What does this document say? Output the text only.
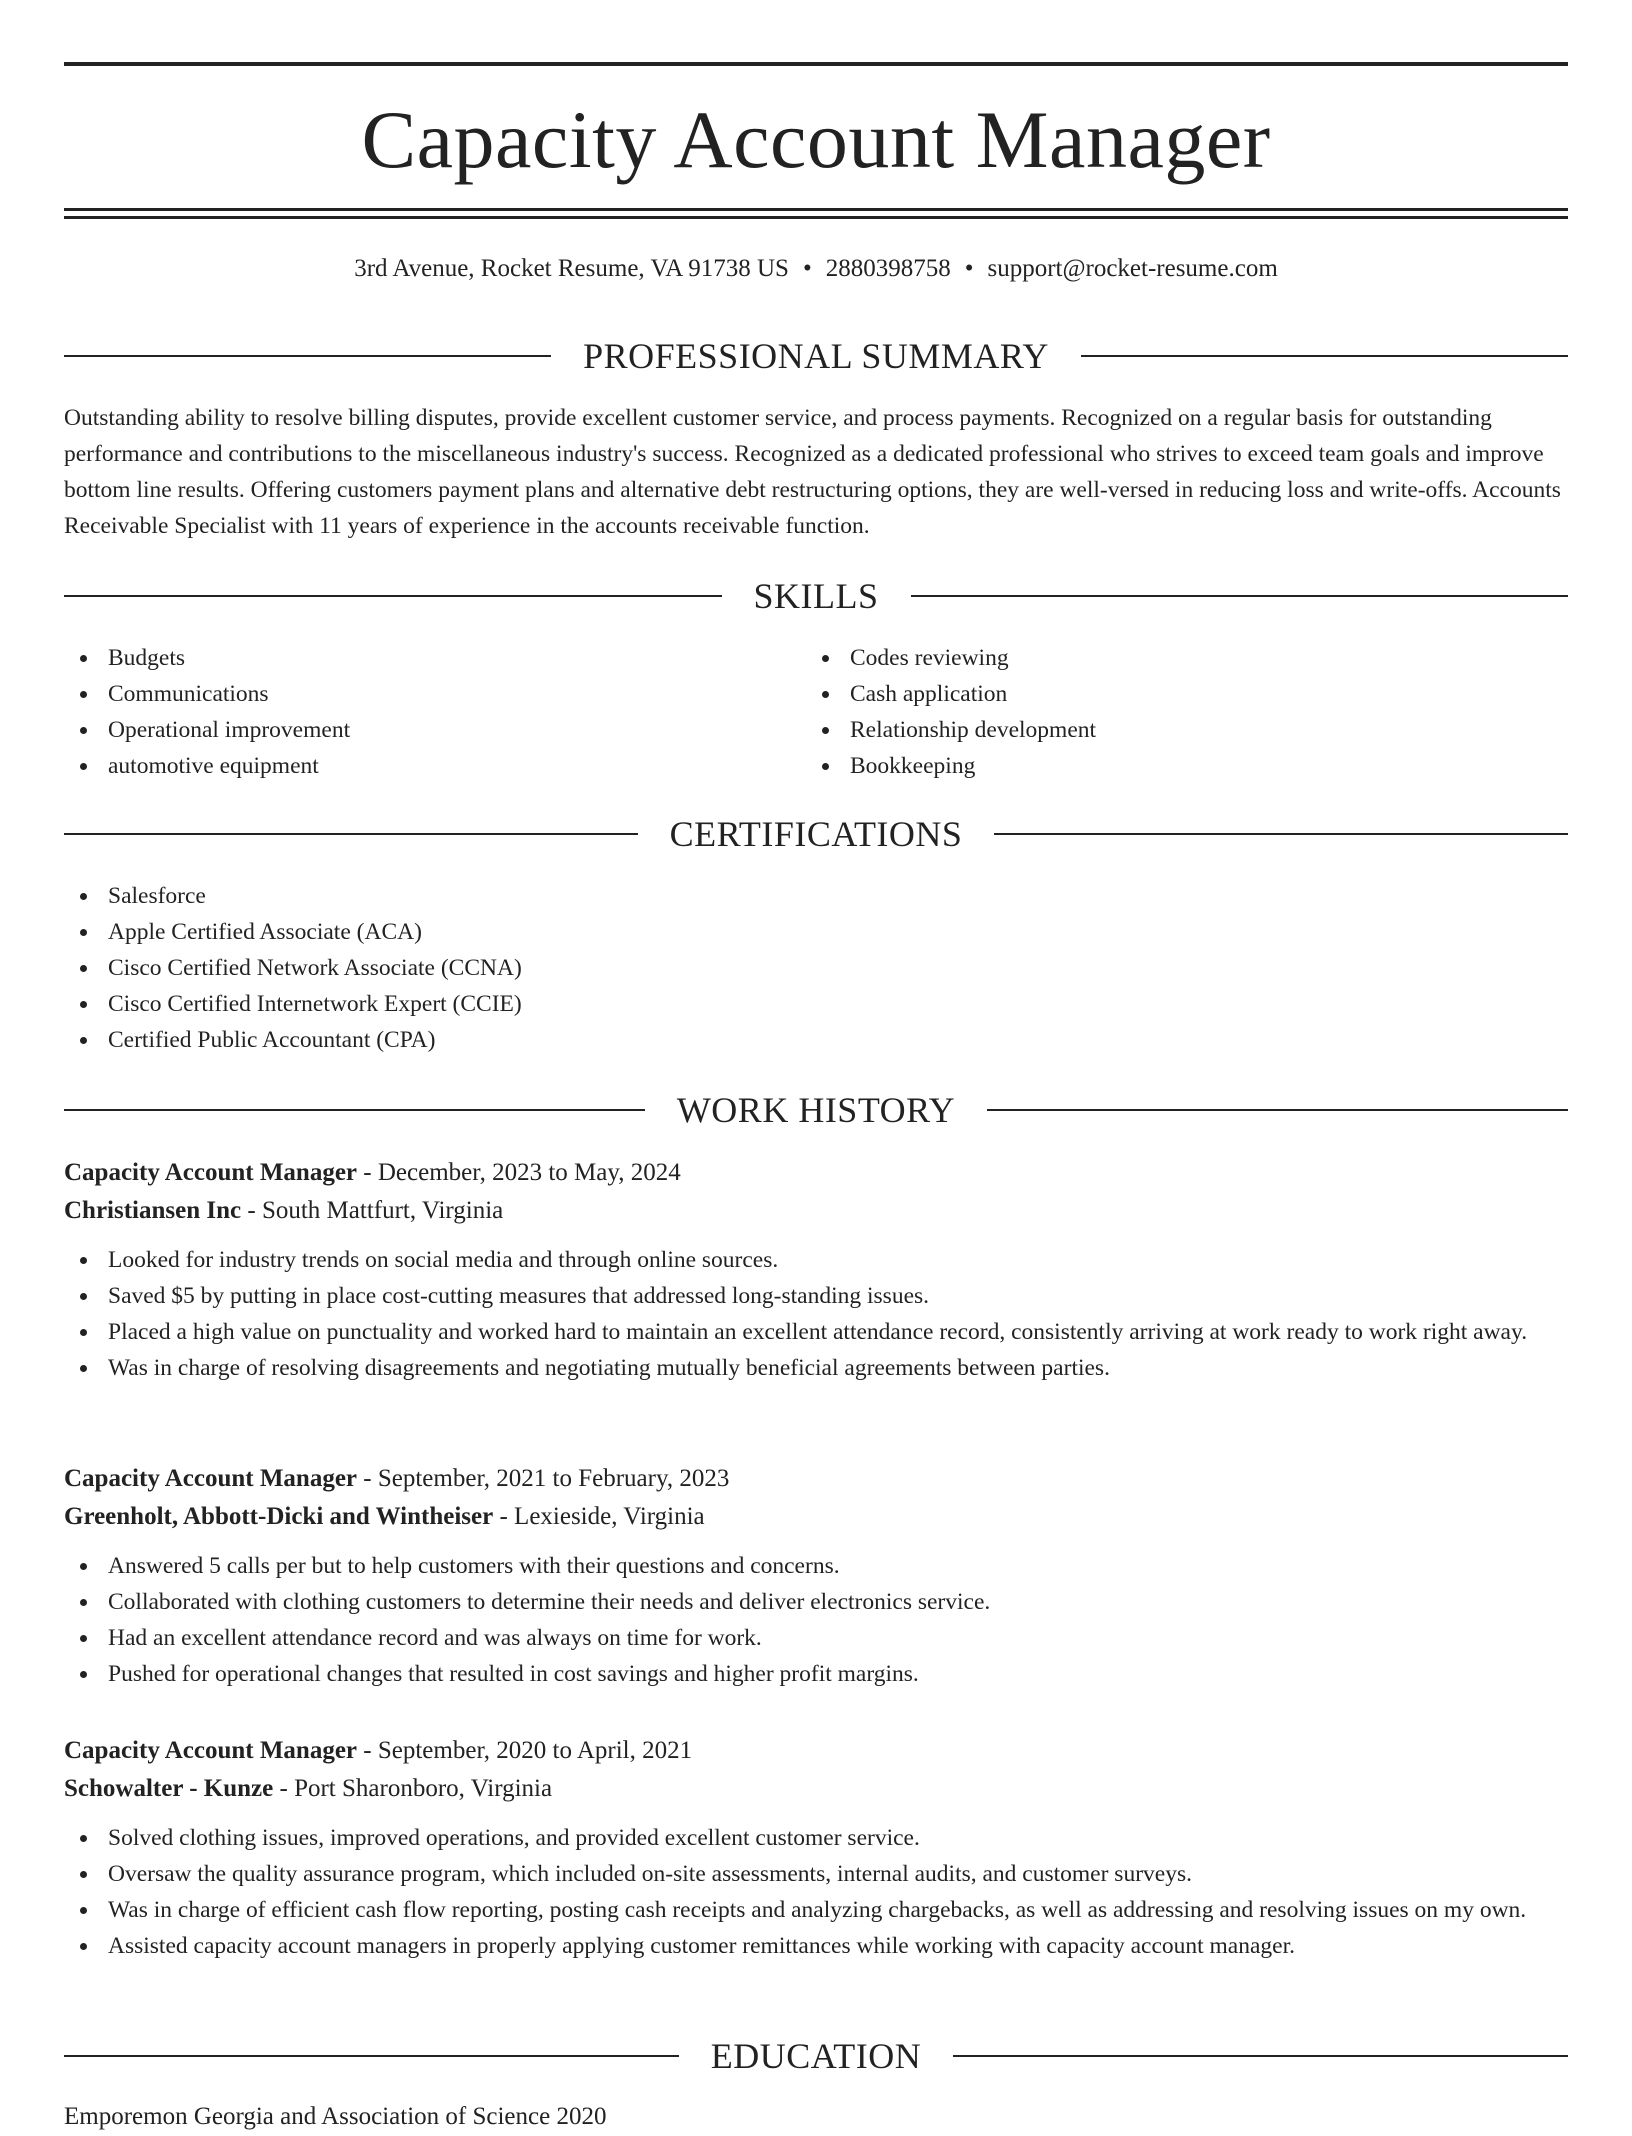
Capacity Account Manager
3rd Avenue, Rocket Resume, VA 91738 US • 2880398758 • support@rocket-resume.com
PROFESSIONAL SUMMARY

Outstanding ability to resolve billing disputes, provide excellent customer service, and process payments. Recognized on a regular basis for outstanding performance and contributions to the miscellaneous industry's success. Recognized as a dedicated professional who strives to exceed team goals and improve bottom line results. Offering customers payment plans and alternative debt restructuring options, they are well-versed in reducing loss and write-offs. Accounts Receivable Specialist with 11 years of experience in the accounts receivable function.

SKILLS
Budgets
Communications
Operational improvement
automotive equipment
Codes reviewing
Cash application
Relationship development
Bookkeeping
CERTIFICATIONS
Salesforce
Apple Certified Associate (ACA)
Cisco Certified Network Associate (CCNA)
Cisco Certified Internetwork Expert (CCIE)
Certified Public Accountant (CPA)
WORK HISTORY
Capacity Account Manager - December, 2023 to May, 2024
Christiansen Inc - South Mattfurt, Virginia
Looked for industry trends on social media and through online sources.
Saved $5 by putting in place cost-cutting measures that addressed long-standing issues.
Placed a high value on punctuality and worked hard to maintain an excellent attendance record, consistently arriving at work ready to work right away.
Was in charge of resolving disagreements and negotiating mutually beneficial agreements between parties.
Capacity Account Manager - September, 2021 to February, 2023
Greenholt, Abbott-Dicki and Wintheiser - Lexieside, Virginia
Answered 5 calls per but to help customers with their questions and concerns.
Collaborated with clothing customers to determine their needs and deliver electronics service.
Had an excellent attendance record and was always on time for work.
Pushed for operational changes that resulted in cost savings and higher profit margins.
Capacity Account Manager - September, 2020 to April, 2021
Schowalter - Kunze - Port Sharonboro, Virginia
Solved clothing issues, improved operations, and provided excellent customer service.
Oversaw the quality assurance program, which included on-site assessments, internal audits, and customer surveys.
Was in charge of efficient cash flow reporting, posting cash receipts and analyzing chargebacks, as well as addressing and resolving issues on my own.
Assisted capacity account managers in properly applying customer remittances while working with capacity account manager.
EDUCATION
Emporemon Georgia and Association of Science 2020
